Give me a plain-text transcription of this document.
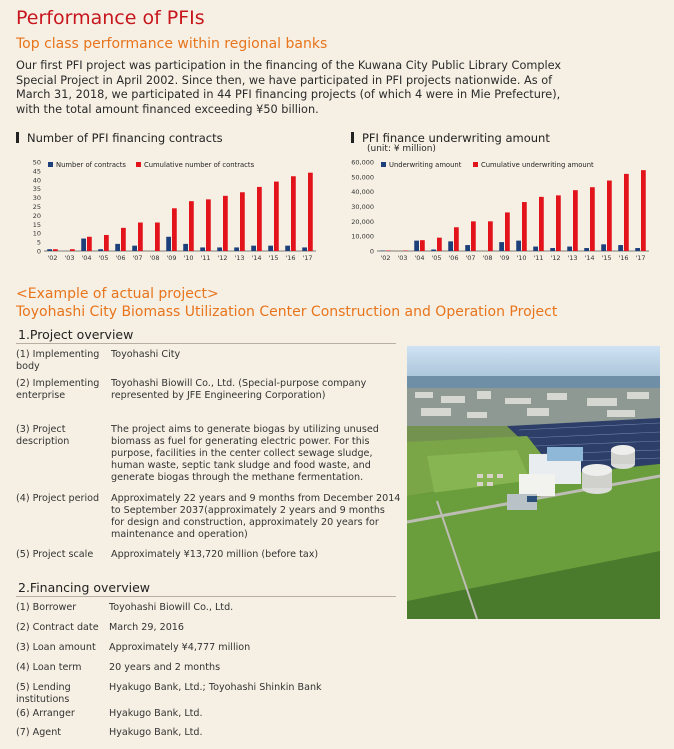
Performance of PFIs
Top class performance within regional banks
Our first PFI project was participation in the financing of the Kuwana City Public Library Complex Special Project in April 2002. Since then, we have participated in PFI projects nationwide. As of March 31, 2018, we participated in 44 PFI financing projects (of which 4 were in Mie Prefecture), with the total amount financed exceeding ¥50 billion.
Number of PFI financing contracts
0
5
10
15
20
25
30
35
40
45
50
'02 '03 '04 '05 '06 '07 '08 '09 '10 '11 '12 '13 '14 '15 '16 '17
Number of contracts	Cumulative number of contracts
PFI finance underwriting amount
(unit: ¥ million)
0
10,000
20,000
30,000
40,000
50,000
60,000
'02 '03 '04 '05 '06 '07 '08 '09 '10 '11 '12 '13 '14 '15 '16 '17
Underwriting amount	Cumulative underwriting amount
<Example of actual project>
Toyohashi City Biomass Utilization Center Construction and Operation Project
1.Project overview
(1) Implementing body
Toyohashi City
(2) Implementing enterprise
Toyohashi Biowill Co., Ltd. (Special-purpose company represented by JFE Engineering Corporation)
(3) Project description
The project aims to generate biogas by utilizing unused biomass as fuel for generating electric power. For this purpose, facilities in the center collect sewage sludge, human waste, septic tank sludge and food waste, and generate biogas through the methane fermentation.
(4) Project period	Approximately 22 years and 9 months from December 2014 to September 2037(approximately 2 years and 9 months for design and construction, approximately 20 years for maintenance and operation)
(5) Project scale	Approximately ¥13,720 million (before tax)
2.Financing overview
(1) Borrower	Toyohashi Biowill Co., Ltd.
(2) Contract date	March 29, 2016
(3) Loan amount	Approximately ¥4,777 million
(4) Loan term	20 years and 2 months
(5) Lending institutions
Hyakugo Bank, Ltd.; Toyohashi Shinkin Bank
(6) Arranger	Hyakugo Bank, Ltd.
(7) Agent	Hyakugo Bank, Ltd.
